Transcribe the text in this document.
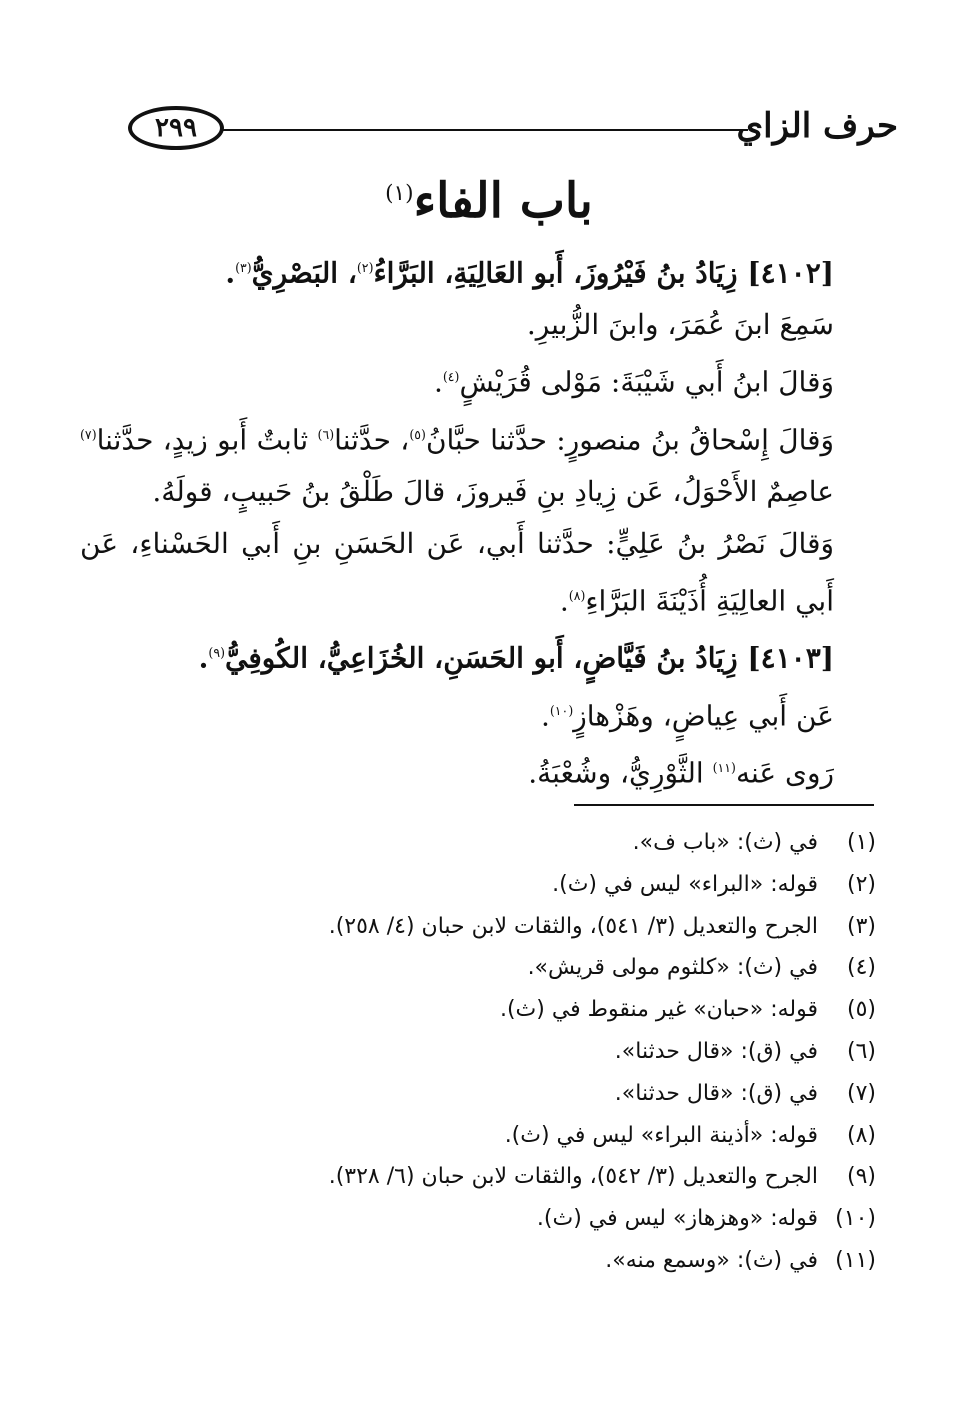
٢٩٩	حرف الزاي
باب الفاء$^{(١)}$

[٤١٠٢] زِيَادُ بنُ فَيْرُوزَ، أَبو العَالِيَةِ، البَرَّاءُ$^{(٢)}$، البَصْرِيُّ$^{(٣)}$.

سَمِعَ ابنَ عُمَرَ، وابنَ الزُّبيرِ.

وَقالَ ابنُ أَبي شَيْبَةَ: مَوْلى قُرَيْشٍ$^{(٤)}$.

وَقالَ إِسْحاقُ بنُ منصورٍ: حدَّثنا حبَّانُ$^{(٥)}$، حدَّثنا$^{(٦)}$ ثابتٌ أَبو زيدٍ، حدَّثنا$^{(٧)}$ عاصِمٌ الأَحْوَلُ، عَن زِيادِ بنِ فَيروزَ، قالَ طَلْقُ بنُ حَبيبٍ، قولَهُ.

وَقالَ نَصْرُ بنُ عَلِيٍّ: حدَّثنا أَبي، عَن الحَسَنِ بنِ أَبي الحَسْناءِ، عَن أَبي العالِيَةِ أُذَيْنَةَ البَرَّاءِ$^{(٨)}$.

[٤١٠٣] زِيَادُ بنُ فَيَّاضٍ، أَبو الحَسَنِ، الخُزَاعِيُّ، الكُوفِيُّ$^{(٩)}$.

عَن أَبي عِياضٍ، وهَزْهازٍ$^{(١٠)}$.

رَوى عَنه$^{(١١)}$ الثَّوْرِيُّ، وشُعْبَةُ.

(١)
في (ث): «باب ف».
(٢)
قوله: «البراء» ليس في (ث).
(٣)
الجرح والتعديل (٣/ ٥٤١)، والثقات لابن حبان (٤/ ٢٥٨).
(٤)
في (ث): «كلثوم مولى قريش».
(٥)
قوله: «حبان» غير منقوط في (ث).
(٦)
في (ق): «قال حدثنا».
(٧)
في (ق): «قال حدثنا».
(٨)
قوله: «أذينة البراء» ليس في (ث).
(٩)
الجرح والتعديل (٣/ ٥٤٢)، والثقات لابن حبان (٦/ ٣٢٨).
(١٠)
قوله: «وهزهاز» ليس في (ث).
(١١)
في (ث): «وسمع منه».
